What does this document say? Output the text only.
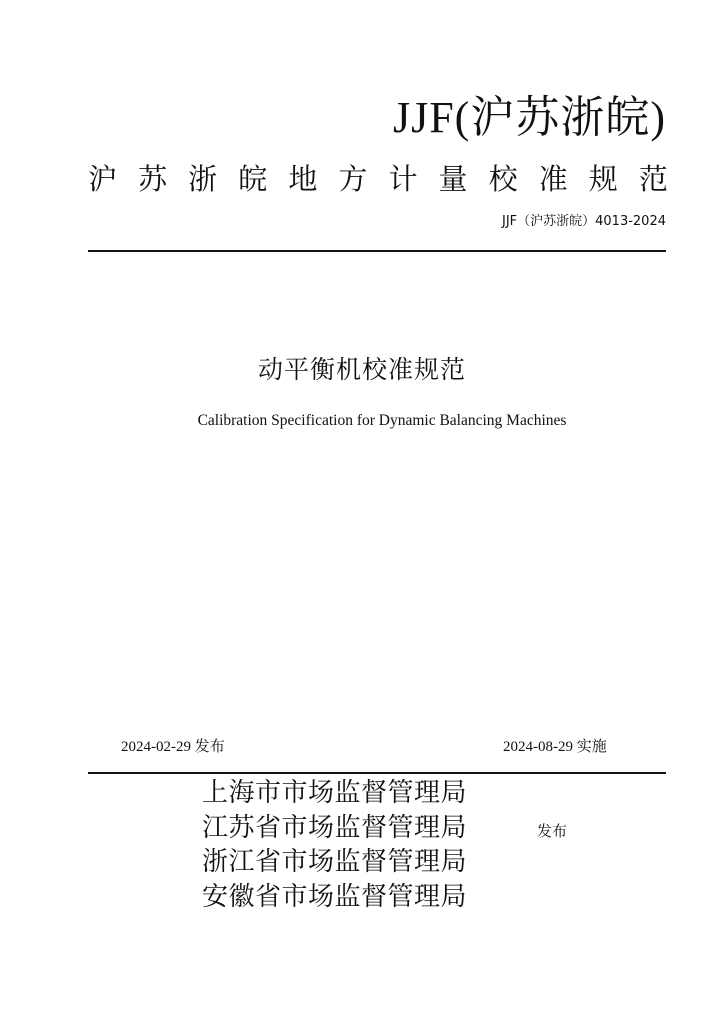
JJF(沪苏浙皖)
沪 苏 浙 皖 地 方 计 量 校 准 规 范
JJF（沪苏浙皖）4013-2024
动平衡机校准规范
Calibration Specification for Dynamic Balancing Machines
2024-02-29 发布	2024-08-29 实施
上海市市场监督管理局
江苏省市场监督管理局
浙江省市场监督管理局
安徽省市场监督管理局
发布
